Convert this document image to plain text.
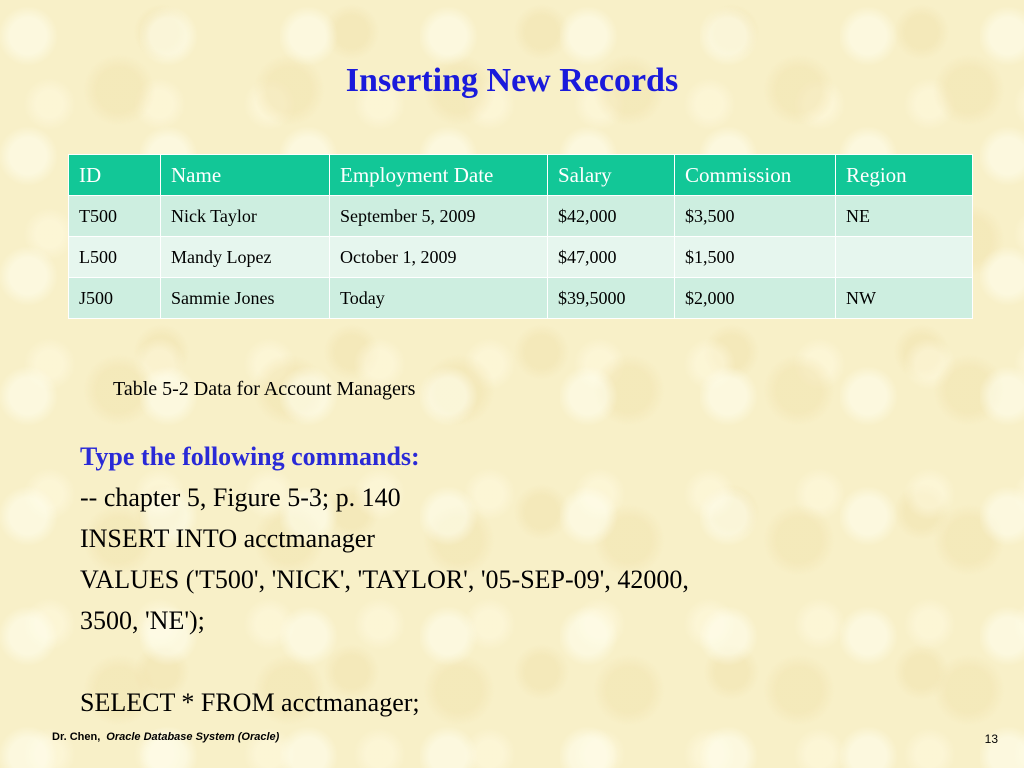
Inserting New Records
ID	Name	Employment Date	Salary	Commission	Region
T500	Nick Taylor	September 5, 2009	$42,000	$3,500	NE
L500	Mandy Lopez	October 1, 2009	$47,000	$1,500	
J500	Sammie Jones	Today	$39,5000	$2,000	NW
Table 5-2 Data for Account Managers
Type the following commands:
-- chapter 5, Figure 5-3; p. 140
INSERT INTO acctmanager
VALUES ('T500', 'NICK', 'TAYLOR', '05-SEP-09', 42000,
3500, 'NE');
SELECT * FROM acctmanager;
Dr. Chen, Oracle Database System (Oracle)	13
